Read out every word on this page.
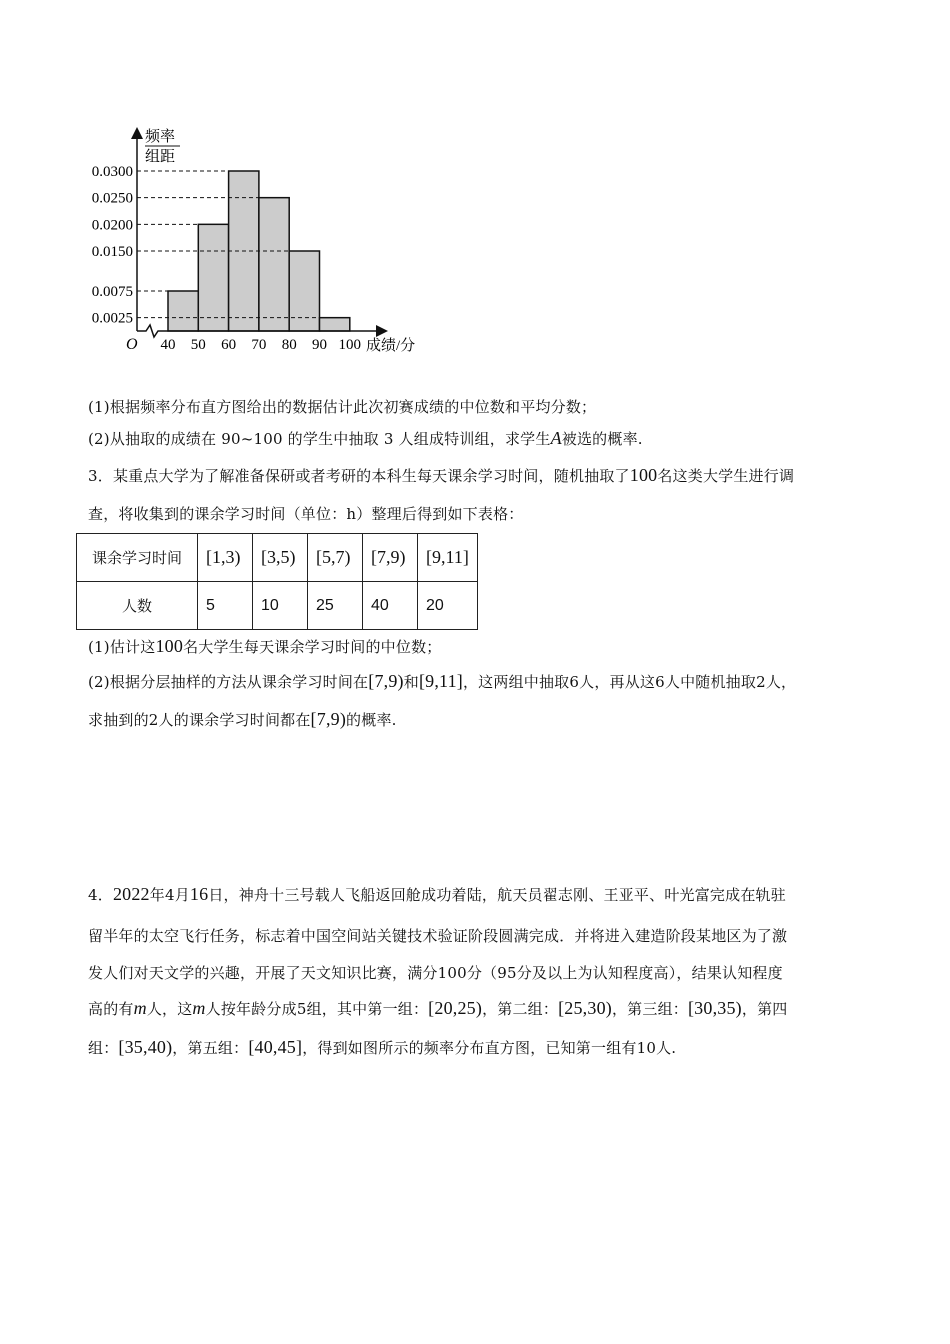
0.0025
0.0075
0.0150
0.0200
0.0250
0.0300
40 50 60 70 80 90 100
频率
组距
O	成绩/分
(1)根据频率分布直方图给出的数据估计此次初赛成绩的中位数和平均分数；
(2)从抽取的成绩在 90~100 的学生中抽取 3 人组成特训组，求学生A被选的概率.
3．某重点大学为了解准备保研或者考研的本科生每天课余学习时间，随机抽取了100名这类大学生进行调
查，将收集到的课余学习时间（单位：h）整理后得到如下表格：
课余学习时间	[1,3)	[3,5)	[5,7)	[7,9)	[9,11]
人数	5	10	25	40	20
(1)估计这100名大学生每天课余学习时间的中位数；
(2)根据分层抽样的方法从课余学习时间在[7,9)和[9,11]，这两组中抽取6人，再从这6人中随机抽取2人，
求抽到的2人的课余学习时间都在[7,9)的概率.
4．2022年4月16日，神舟十三号载人飞船返回舱成功着陆，航天员翟志刚、王亚平、叶光富完成在轨驻
留半年的太空飞行任务，标志着中国空间站关键技术验证阶段圆满完成．并将进入建造阶段某地区为了激
发人们对天文学的兴趣，开展了天文知识比赛，满分100分（95分及以上为认知程度高），结果认知程度
高的有m人，这m人按年龄分成5组，其中第一组：[20,25)，第二组：[25,30)，第三组：[30,35)，第四
组：[35,40)，第五组：[40,45]，得到如图所示的频率分布直方图，已知第一组有10人.
